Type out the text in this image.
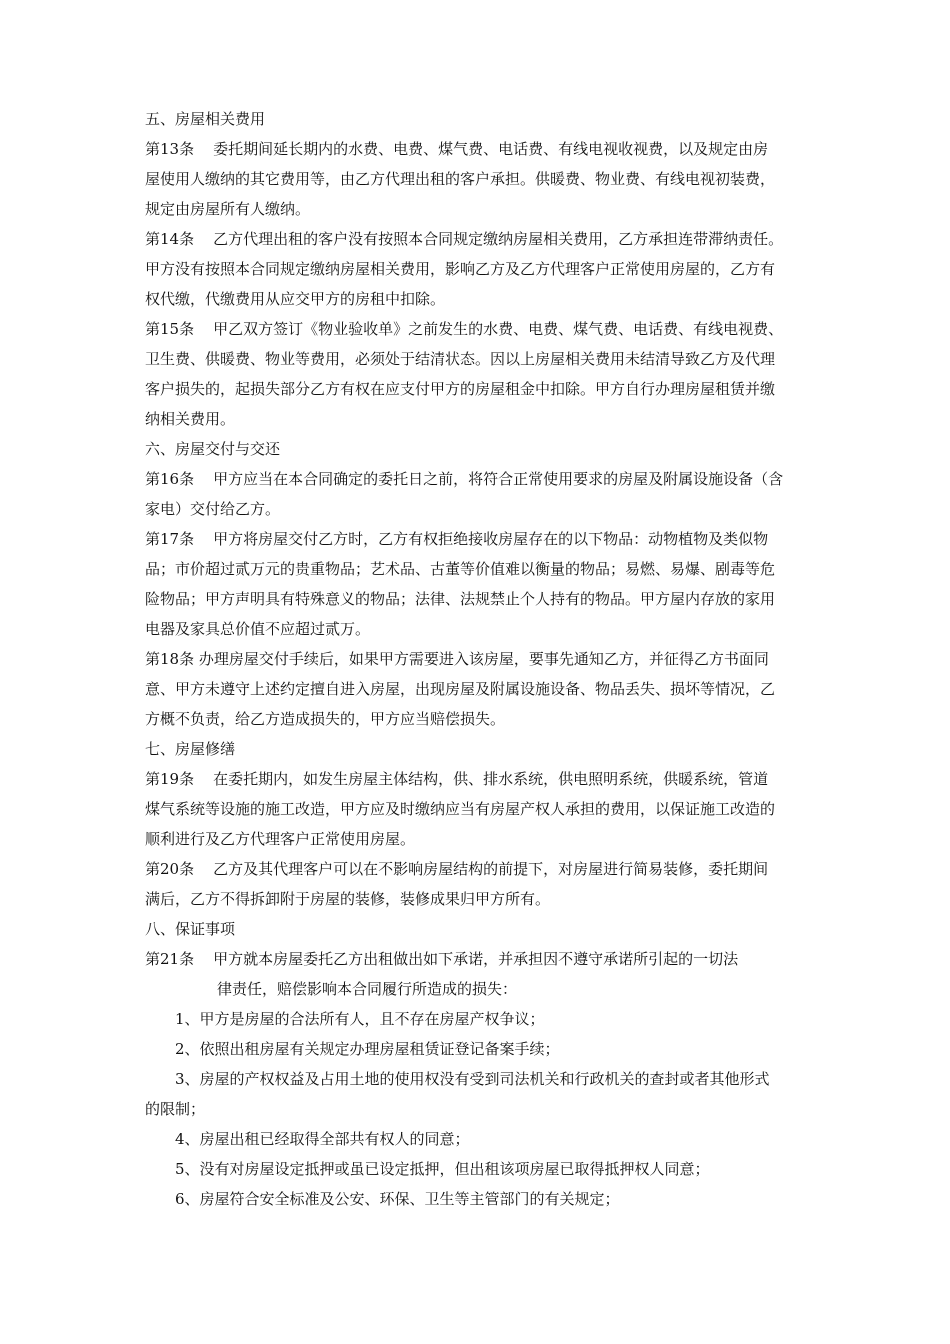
五、房屋相关费用
第13条    委托期间延长期内的水费、电费、煤气费、电话费、有线电视收视费，以及规定由房
屋使用人缴纳的其它费用等，由乙方代理出租的客户承担。供暖费、物业费、有线电视初装费，
规定由房屋所有人缴纳。
第14条    乙方代理出租的客户没有按照本合同规定缴纳房屋相关费用，乙方承担连带滞纳责任。
甲方没有按照本合同规定缴纳房屋相关费用，影响乙方及乙方代理客户正常使用房屋的，乙方有
权代缴，代缴费用从应交甲方的房租中扣除。
第15条    甲乙双方签订《物业验收单》之前发生的水费、电费、煤气费、电话费、有线电视费、
卫生费、供暖费、物业等费用，必须处于结清状态。因以上房屋相关费用未结清导致乙方及代理
客户损失的，起损失部分乙方有权在应支付甲方的房屋租金中扣除。甲方自行办理房屋租赁并缴
纳相关费用。
六、房屋交付与交还
第16条    甲方应当在本合同确定的委托日之前，将符合正常使用要求的房屋及附属设施设备（含
家电）交付给乙方。
第17条    甲方将房屋交付乙方时，乙方有权拒绝接收房屋存在的以下物品：动物植物及类似物
品；市价超过贰万元的贵重物品；艺术品、古董等价值难以衡量的物品；易燃、易爆、剧毒等危
险物品；甲方声明具有特殊意义的物品；法律、法规禁止个人持有的物品。甲方屋内存放的家用
电器及家具总价值不应超过贰万。
第18条 办理房屋交付手续后，如果甲方需要进入该房屋，要事先通知乙方，并征得乙方书面同
意、甲方未遵守上述约定擅自进入房屋，出现房屋及附属设施设备、物品丢失、损坏等情况，乙
方概不负责，给乙方造成损失的，甲方应当赔偿损失。
七、房屋修缮
第19条    在委托期内，如发生房屋主体结构，供、排水系统，供电照明系统，供暖系统，管道
煤气系统等设施的施工改造，甲方应及时缴纳应当有房屋产权人承担的费用，以保证施工改造的
顺利进行及乙方代理客户正常使用房屋。
第20条    乙方及其代理客户可以在不影响房屋结构的前提下，对房屋进行简易装修，委托期间
满后，乙方不得拆卸附于房屋的装修，装修成果归甲方所有。
八、保证事项
第21条    甲方就本房屋委托乙方出租做出如下承诺，并承担因不遵守承诺所引起的一切法
律责任，赔偿影响本合同履行所造成的损失：
1、甲方是房屋的合法所有人，且不存在房屋产权争议；
2、依照出租房屋有关规定办理房屋租赁证登记备案手续；
3、房屋的产权权益及占用土地的使用权没有受到司法机关和行政机关的查封或者其他形式
的限制；
4、房屋出租已经取得全部共有权人的同意；
5、没有对房屋设定抵押或虽已设定抵押，但出租该项房屋已取得抵押权人同意；
6、房屋符合安全标准及公安、环保、卫生等主管部门的有关规定；
